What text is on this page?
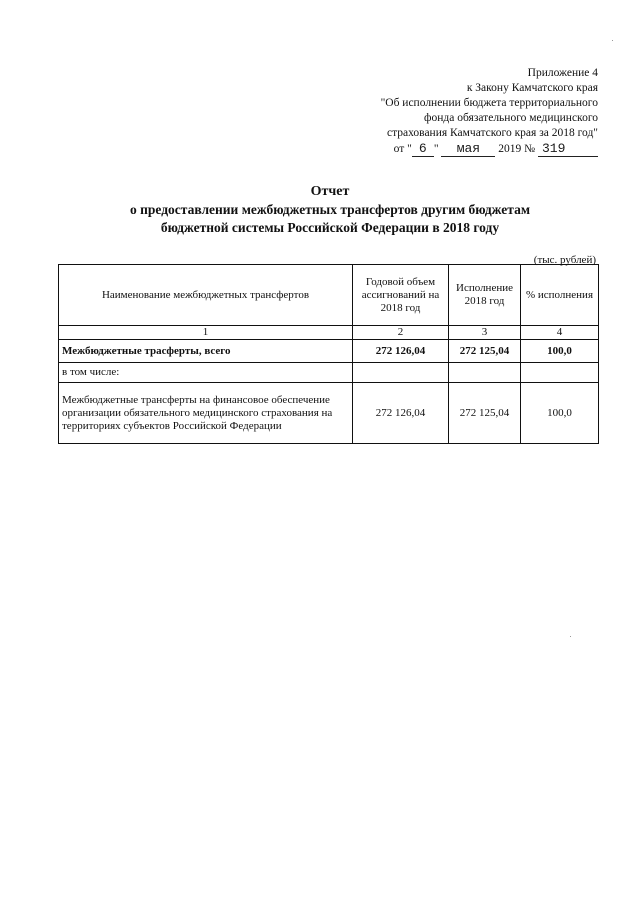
Приложение 4
к Закону Камчатского края
"Об исполнении бюджета территориального
фонда обязательного медицинского
страхования Камчатского края за 2018 год"
от " 6 " мая 2019 № 319
Отчет
о предоставлении межбюджетных трансфертов другим бюджетам
бюджетной системы Российской Федерации в 2018 году
(тыс. рублей)
Наименование межбюджетных трансфертов	Годовой объем ассигнований на 2018 год	Исполнение 2018 год	% исполнения
1	2	3	4
Межбюджетные трасферты, всего	272 126,04	272 125,04	100,0
в том числе:			
Межбюджетные трансферты на финансовое обеспечение организации обязательного медицинского страхования на территориях субъектов Российской Федерации	272 126,04	272 125,04	100,0
